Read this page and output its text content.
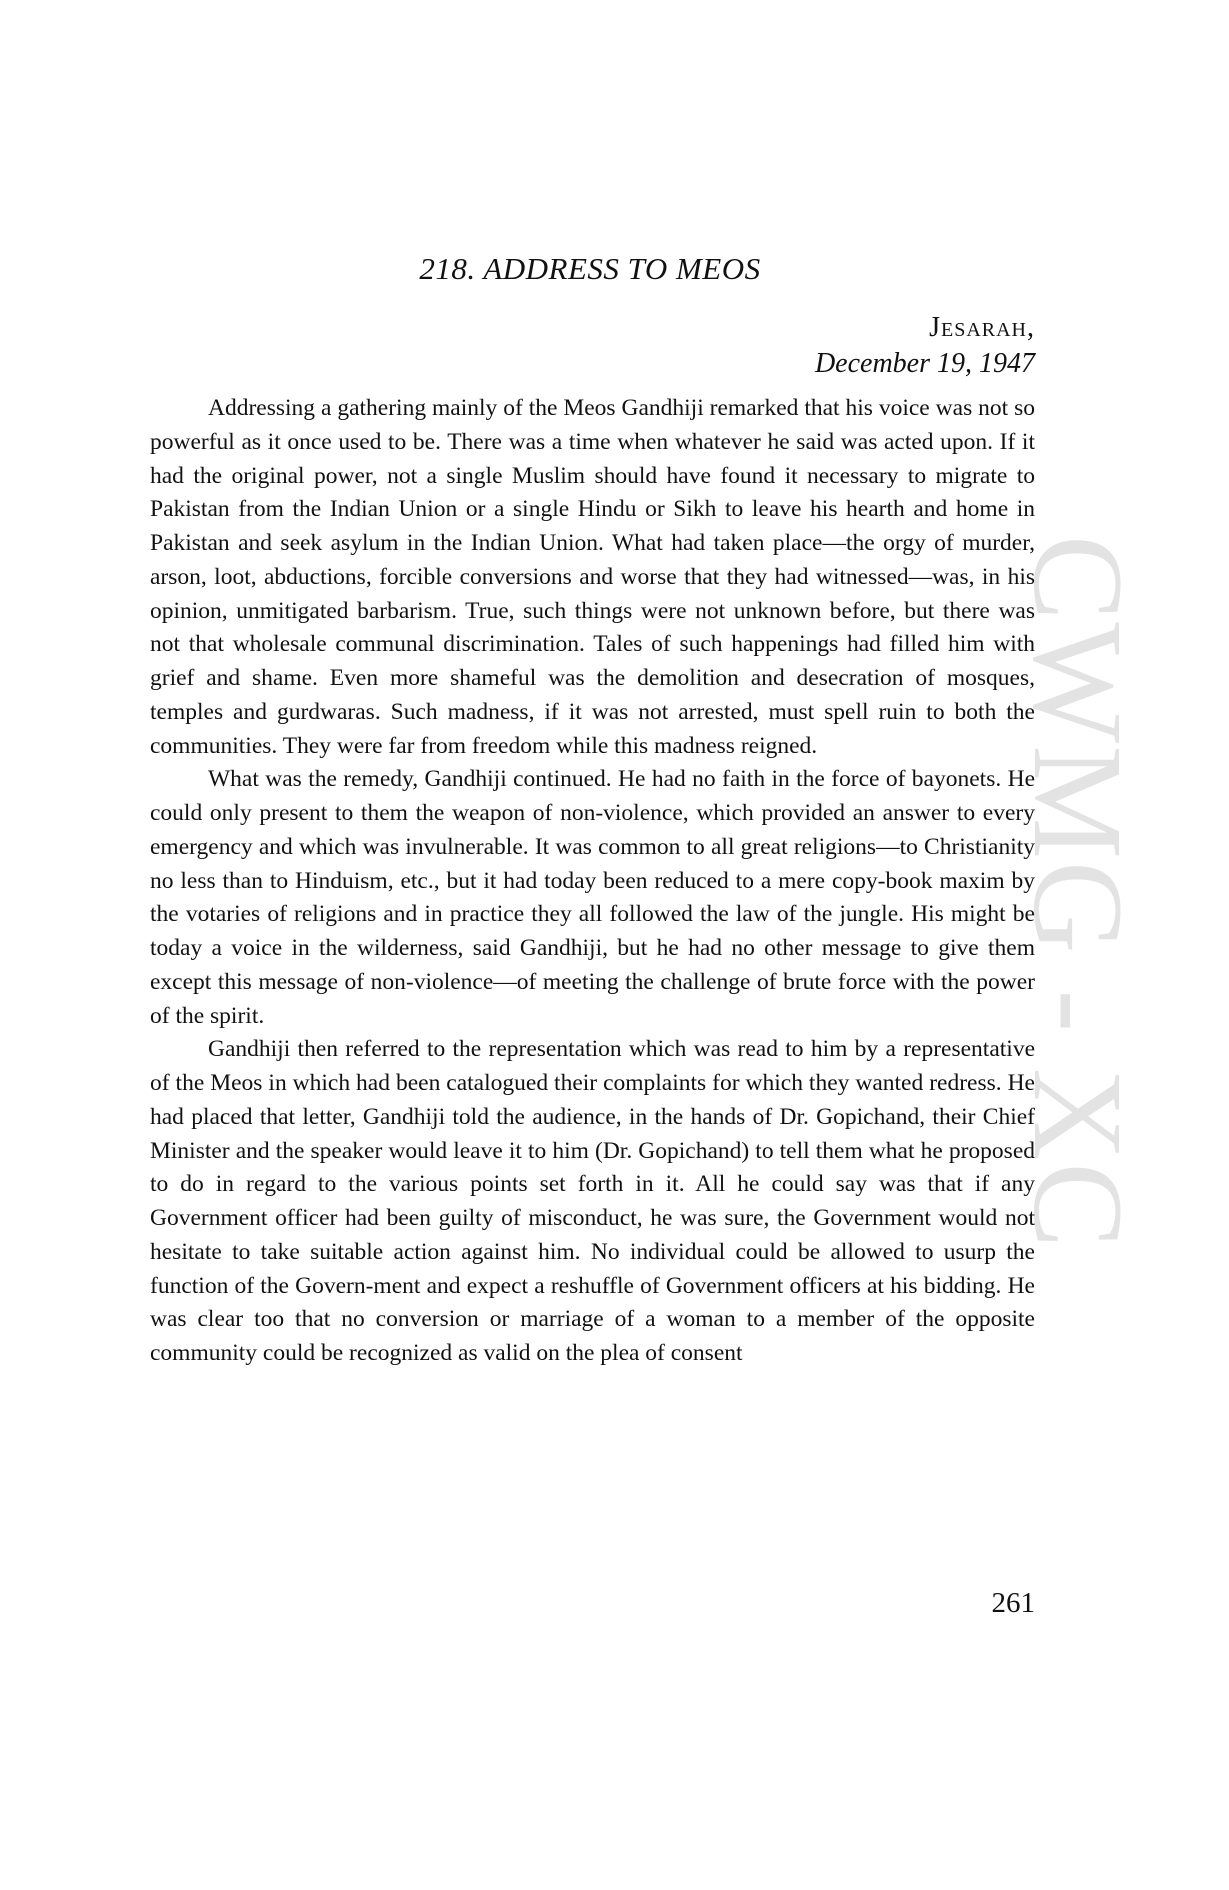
CWMG - XC
218. ADDRESS TO MEOS
Jesarah,
December 19, 1947

Addressing a gathering mainly of the Meos Gandhiji remarked that his voice was not so powerful as it once used to be. There was a time when whatever he said was acted upon. If it had the original power, not a single Muslim should have found it necessary to migrate to Pakistan from the Indian Union or a single Hindu or Sikh to leave his hearth and home in Pakistan and seek asylum in the Indian Union. What had taken place—the orgy of murder, arson, loot, abductions, forcible conversions and worse that they had witnessed—was, in his opinion, unmitigated barbarism. True, such things were not unknown before, but there was not that wholesale communal discrimination. Tales of such happenings had filled him with grief and shame. Even more shameful was the demolition and desecration of mosques, temples and gurdwaras. Such madness, if it was not arrested, must spell ruin to both the communities. They were far from freedom while this madness reigned.

What was the remedy, Gandhiji continued. He had no faith in the force of bayonets. He could only present to them the weapon of non-violence, which provided an answer to every emergency and which was invulnerable. It was common to all great religions—to Christianity no less than to Hinduism, etc., but it had today been reduced to a mere copy-book maxim by the votaries of religions and in practice they all followed the law of the jungle. His might be today a voice in the wilderness, said Gandhiji, but he had no other message to give them except this message of non-violence—of meeting the challenge of brute force with the power of the spirit.

Gandhiji then referred to the representation which was read to him by a representative of the Meos in which had been catalogued their complaints for which they wanted redress. He had placed that letter, Gandhiji told the audience, in the hands of Dr. Gopichand, their Chief Minister and the speaker would leave it to him (Dr. Gopichand) to tell them what he proposed to do in regard to the various points set forth in it. All he could say was that if any Government officer had been guilty of misconduct, he was sure, the Government would not hesitate to take suitable action against him. No individual could be allowed to usurp the function of the Govern-ment and expect a reshuffle of Government officers at his bidding. He was clear too that no conversion or marriage of a woman to a member of the opposite community could be recognized as valid on the plea of consent

261
